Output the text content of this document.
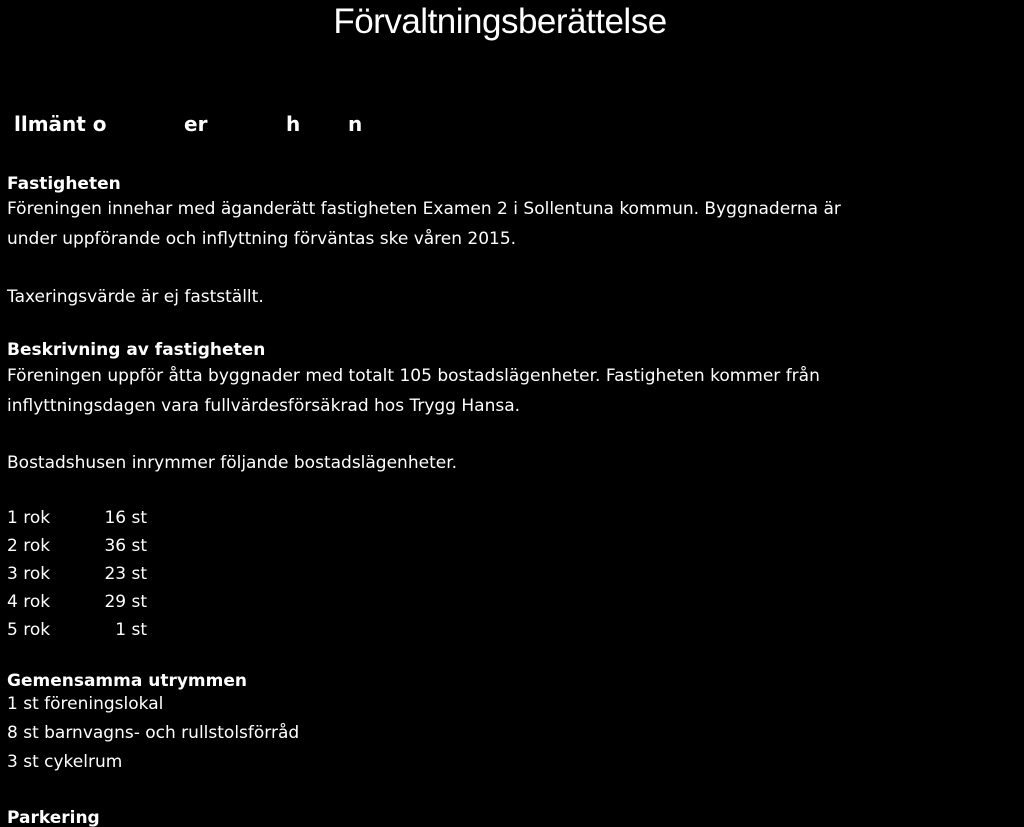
Förvaltningsberättelse
llmänt o	er	h n
Fastigheten
Föreningen innehar med äganderätt fastigheten Examen 2 i Sollentuna kommun. Byggnaderna är
under uppförande och inflyttning förväntas ske våren 2015.
Taxeringsvärde är ej fastställt.
Beskrivning av fastigheten
Föreningen uppför åtta byggnader med totalt 105 bostadslägenheter. Fastigheten kommer från
inflyttningsdagen vara fullvärdesförsäkrad hos Trygg Hansa.
Bostadshusen inrymmer följande bostadslägenheter.
1 rok	16 st
2 rok	36 st
3 rok	23 st
4 rok	29 st
5 rok	1 st
Gemensamma utrymmen
1 st föreningslokal
8 st barnvagns- och rullstolsförråd
3 st cykelrum
Parkering
